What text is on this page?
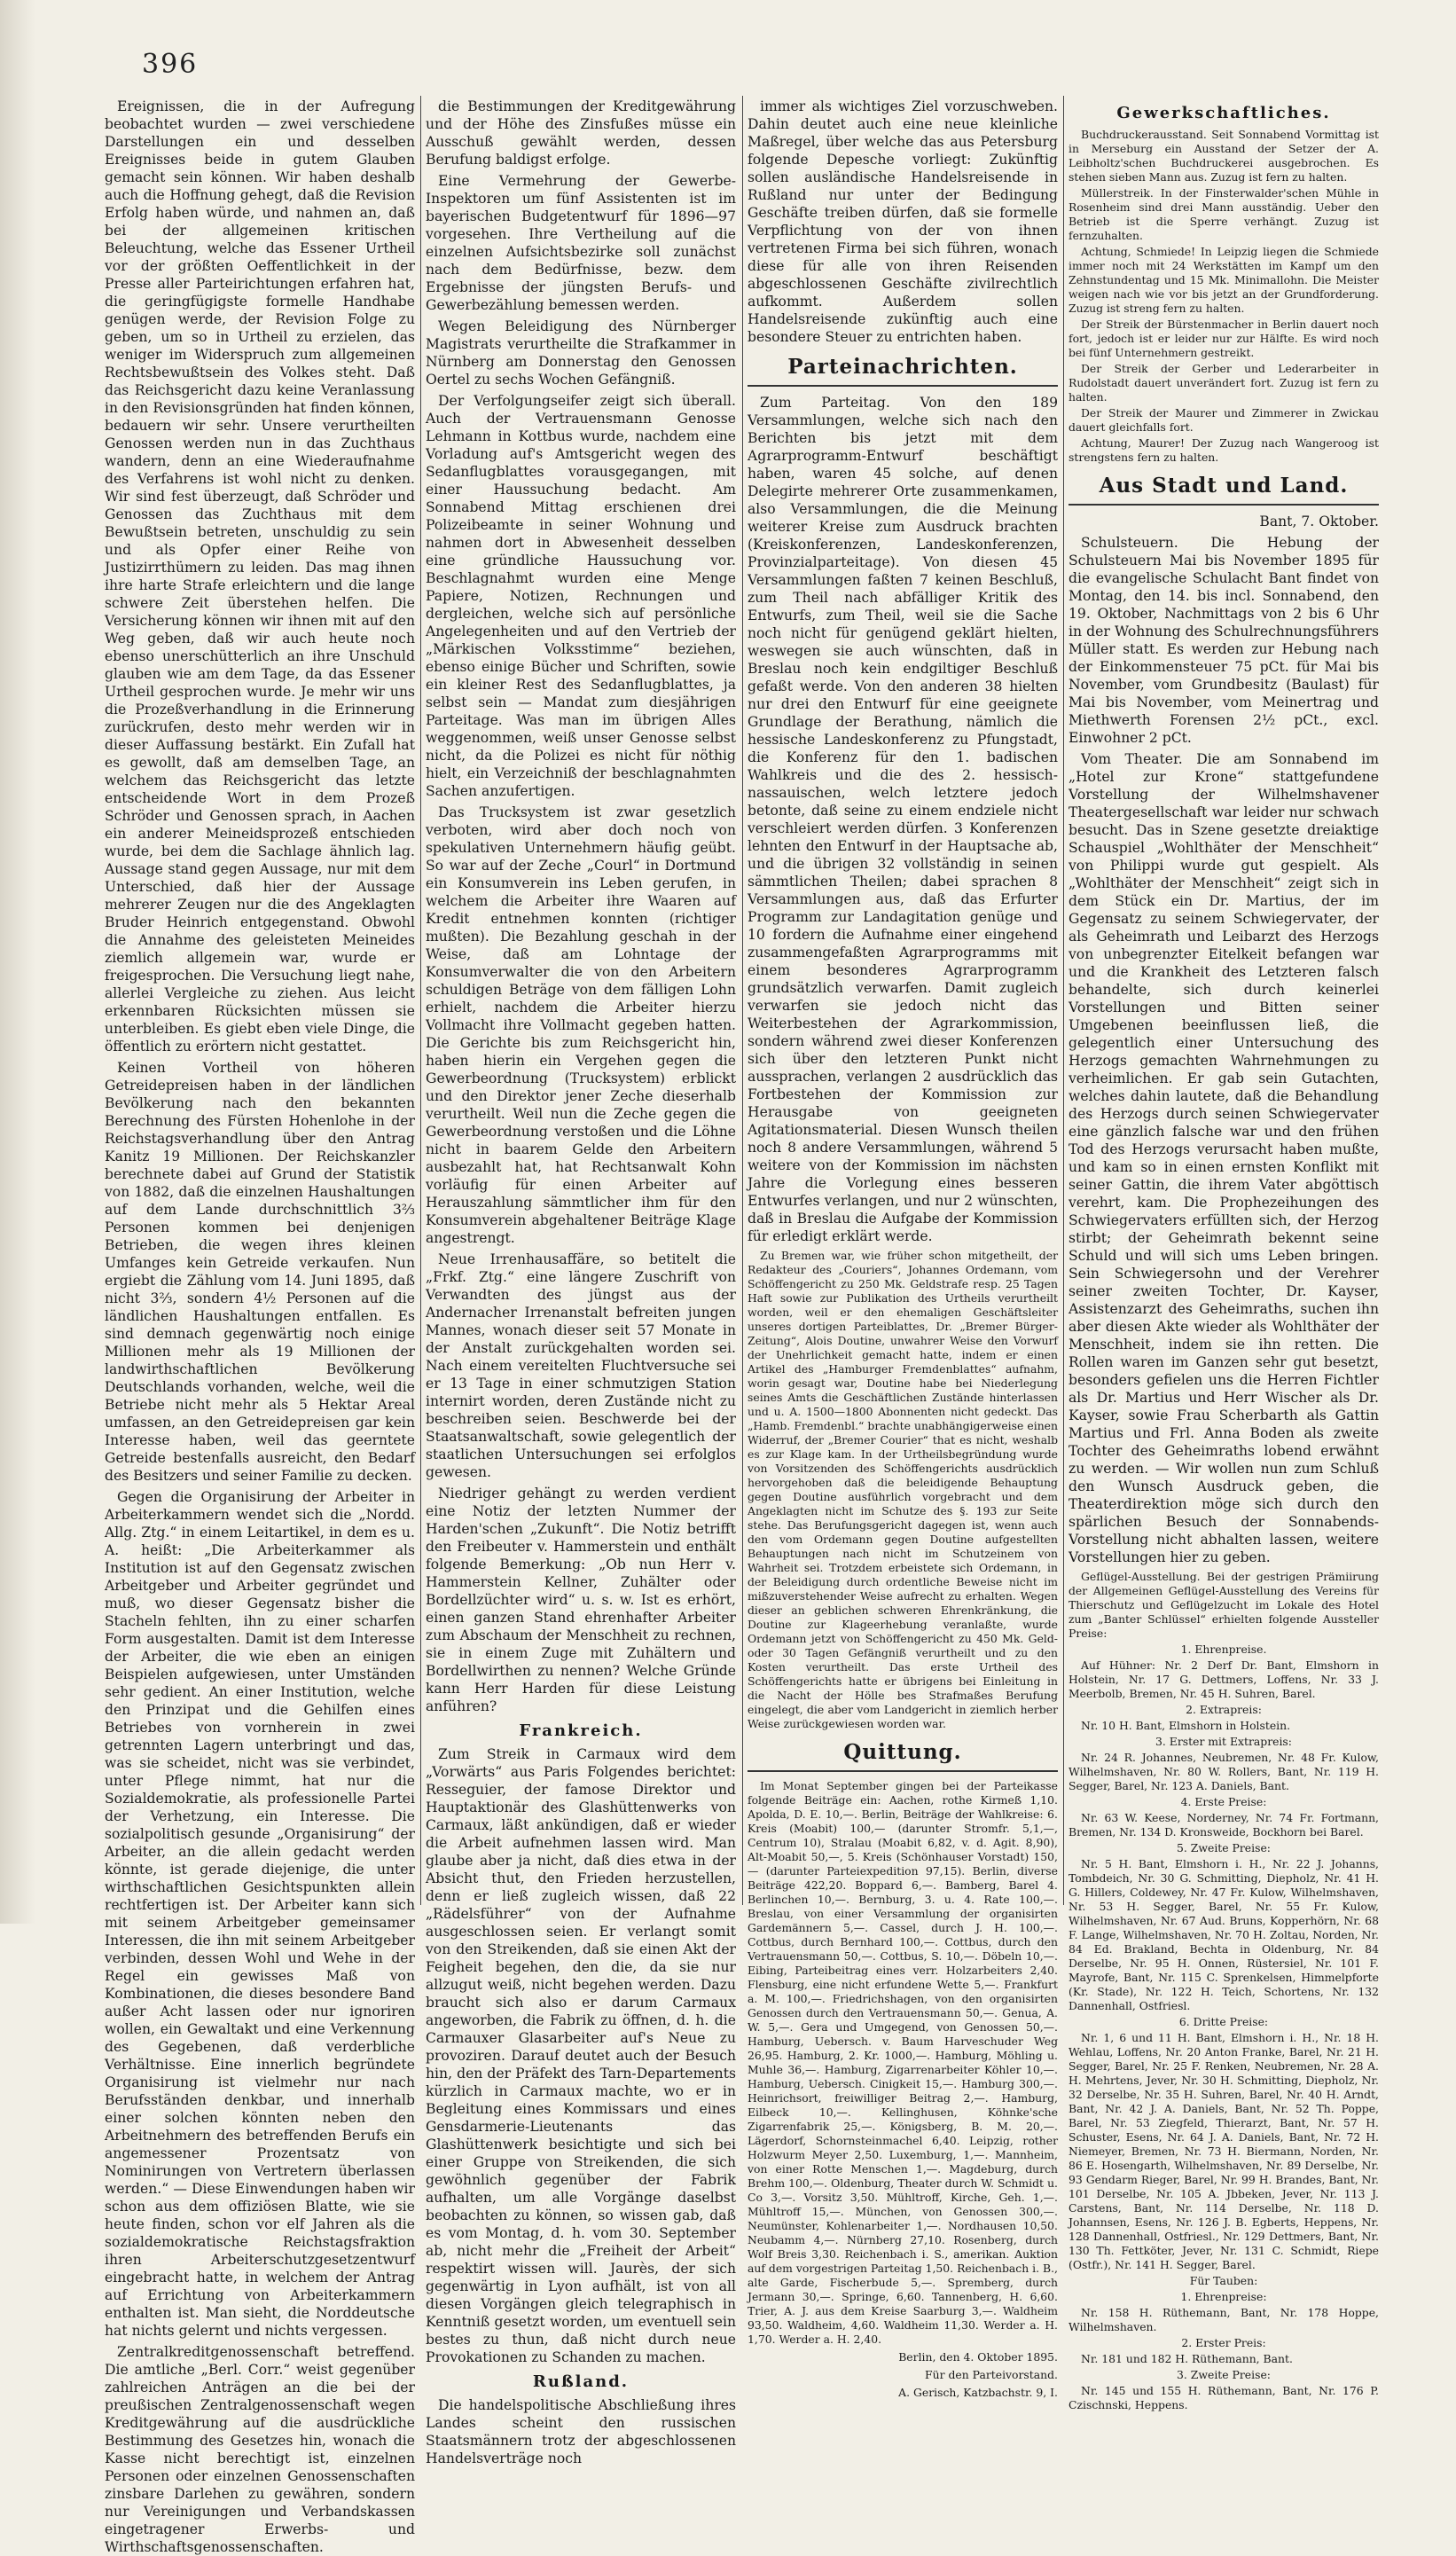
396

Ereignissen, die in der Aufregung beobachtet wurden — zwei verschiedene Darstellungen ein und desselben Ereignisses beide in gutem Glauben gemacht sein können. Wir haben deshalb auch die Hoffnung gehegt, daß die Revision Erfolg haben würde, und nahmen an, daß bei der allgemeinen kritischen Beleuchtung, welche das Essener Urtheil vor der größten Oeffentlichkeit in der Presse aller Parteirichtungen erfahren hat, die geringfügigste formelle Handhabe genügen werde, der Revision Folge zu geben, um so in Urtheil zu erzielen, das weniger im Widerspruch zum allgemeinen Rechtsbewußtsein des Volkes steht. Daß das Reichsgericht dazu keine Veranlassung in den Revisionsgründen hat finden können, bedauern wir sehr. Unsere verurtheilten Genossen werden nun in das Zuchthaus wandern, denn an eine Wiederaufnahme des Verfahrens ist wohl nicht zu denken. Wir sind fest überzeugt, daß Schröder und Genossen das Zuchthaus mit dem Bewußtsein betreten, unschuldig zu sein und als Opfer einer Reihe von Justizirrthümern zu leiden. Das mag ihnen ihre harte Strafe erleichtern und die lange schwere Zeit überstehen helfen. Die Versicherung können wir ihnen mit auf den Weg geben, daß wir auch heute noch ebenso unerschütterlich an ihre Unschuld glauben wie am dem Tage, da das Essener Urtheil gesprochen wurde. Je mehr wir uns die Prozeßverhandlung in die Erinnerung zurückrufen, desto mehr werden wir in dieser Auffassung bestärkt. Ein Zufall hat es gewollt, daß am demselben Tage, an welchem das Reichsgericht das letzte entscheidende Wort in dem Prozeß Schröder und Genossen sprach, in Aachen ein anderer Meineidsprozeß entschieden wurde, bei dem die Sachlage ähnlich lag. Aussage stand gegen Aussage, nur mit dem Unterschied, daß hier der Aussage mehrerer Zeugen nur die des Angeklagten Bruder Heinrich entgegenstand. Obwohl die Annahme des geleisteten Meineides ziemlich allgemein war, wurde er freigesprochen. Die Versuchung liegt nahe, allerlei Vergleiche zu ziehen. Aus leicht erkennbaren Rücksichten müssen sie unterbleiben. Es giebt eben viele Dinge, die öffentlich zu erörtern nicht gestattet.

Keinen Vortheil von höheren Getreidepreisen haben in der ländlichen Bevölkerung nach den bekannten Berechnung des Fürsten Hohenlohe in der Reichstagsverhandlung über den Antrag Kanitz 19 Millionen. Der Reichskanzler berechnete dabei auf Grund der Statistik von 1882, daß die einzelnen Haushaltungen auf dem Lande durchschnittlich 3⅔ Personen kommen bei denjenigen Betrieben, die wegen ihres kleinen Umfanges kein Getreide verkaufen. Nun ergiebt die Zählung vom 14. Juni 1895, daß nicht 3⅔, sondern 4½ Personen auf die ländlichen Haushaltungen entfallen. Es sind demnach gegenwärtig noch einige Millionen mehr als 19 Millionen der landwirthschaftlichen Bevölkerung Deutschlands vorhanden, welche, weil die Betriebe nicht mehr als 5 Hektar Areal umfassen, an den Getreidepreisen gar kein Interesse haben, weil das geerntete Getreide bestenfalls ausreicht, den Bedarf des Besitzers und seiner Familie zu decken.

Gegen die Organisirung der Arbeiter in Arbeiterkammern wendet sich die „Nordd. Allg. Ztg.“ in einem Leitartikel, in dem es u. A. heißt: „Die Arbeiterkammer als Institution ist auf den Gegensatz zwischen Arbeitgeber und Arbeiter gegründet und muß, wo dieser Gegensatz bisher die Stacheln fehlten, ihn zu einer scharfen Form ausgestalten. Damit ist dem Interesse der Arbeiter, die wie eben an einigen Beispielen aufgewiesen, unter Umständen sehr gedient. An einer Institution, welche den Prinzipat und die Gehilfen eines Betriebes von vornherein in zwei getrennten Lagern unterbringt und das, was sie scheidet, nicht was sie verbindet, unter Pflege nimmt, hat nur die Sozialdemokratie, als professionelle Partei der Verhetzung, ein Interesse. Die sozialpolitisch gesunde „Organisirung“ der Arbeiter, an die allein gedacht werden könnte, ist gerade diejenige, die unter wirthschaftlichen Gesichtspunkten allein rechtfertigen ist. Der Arbeiter kann sich mit seinem Arbeitgeber gemeinsamer Interessen, die ihn mit seinem Arbeitgeber verbinden, dessen Wohl und Wehe in der Regel ein gewisses Maß von Kombinationen, die dieses besondere Band außer Acht lassen oder nur ignoriren wollen, ein Gewaltakt und eine Verkennung des Gegebenen, daß verderbliche Verhältnisse. Eine innerlich begründete Organisirung ist vielmehr nur nach Berufsständen denkbar, und innerhalb einer solchen könnten neben den Arbeitnehmern des betreffenden Berufs ein angemessener Prozentsatz von Nominirungen von Vertretern überlassen werden.“ — Diese Einwendungen haben wir schon aus dem offiziösen Blatte, wie sie heute finden, schon vor elf Jahren als die sozialdemokratische Reichstagsfraktion ihren Arbeiterschutzgesetzentwurf eingebracht hatte, in welchem der Antrag auf Errichtung von Arbeiterkammern enthalten ist. Man sieht, die Norddeutsche hat nichts gelernt und nichts vergessen.

Zentralkreditgenossenschaft betreffend. Die amtliche „Berl. Corr.“ weist gegenüber zahlreichen Anträgen an die bei der preußischen Zentralgenossenschaft wegen Kreditgewährung auf die ausdrückliche Bestimmung des Gesetzes hin, wonach die Kasse nicht berechtigt ist, einzelnen Personen oder einzelnen Genossenschaften zinsbare Darlehen zu gewähren, sondern nur Vereinigungen und Verbandskassen eingetragener Erwerbs- und Wirthschaftsgenossenschaften.

die Bestimmungen der Kreditgewährung und der Höhe des Zinsfußes müsse ein Ausschuß gewählt werden, dessen Berufung baldigst erfolge.

Eine Vermehrung der Gewerbe-Inspektoren um fünf Assistenten ist im bayerischen Budgetentwurf für 1896—97 vorgesehen. Ihre Vertheilung auf die einzelnen Aufsichtsbezirke soll zunächst nach dem Bedürfnisse, bezw. dem Ergebnisse der jüngsten Berufs- und Gewerbezählung bemessen werden.

Wegen Beleidigung des Nürnberger Magistrats verurtheilte die Strafkammer in Nürnberg am Donnerstag den Genossen Oertel zu sechs Wochen Gefängniß.

Der Verfolgungseifer zeigt sich überall. Auch der Vertrauensmann Genosse Lehmann in Kottbus wurde, nachdem eine Vorladung auf's Amtsgericht wegen des Sedanflugblattes vorausgegangen, mit einer Haussuchung bedacht. Am Sonnabend Mittag erschienen drei Polizeibeamte in seiner Wohnung und nahmen dort in Abwesenheit desselben eine gründliche Haussuchung vor. Beschlagnahmt wurden eine Menge Papiere, Notizen, Rechnungen und dergleichen, welche sich auf persönliche Angelegenheiten und auf den Vertrieb der „Märkischen Volksstimme“ beziehen, ebenso einige Bücher und Schriften, sowie ein kleiner Rest des Sedanflugblattes, ja selbst sein — Mandat zum diesjährigen Parteitage. Was man im übrigen Alles weggenommen, weiß unser Genosse selbst nicht, da die Polizei es nicht für nöthig hielt, ein Verzeichniß der beschlagnahmten Sachen anzufertigen.

Das Trucksystem ist zwar gesetzlich verboten, wird aber doch noch von spekulativen Unternehmern häufig geübt. So war auf der Zeche „Courl“ in Dortmund ein Konsumverein ins Leben gerufen, in welchem die Arbeiter ihre Waaren auf Kredit entnehmen konnten (richtiger mußten). Die Bezahlung geschah in der Weise, daß am Lohntage der Konsumverwalter die von den Arbeitern schuldigen Beträge von dem fälligen Lohn erhielt, nachdem die Arbeiter hierzu Vollmacht ihre Vollmacht gegeben hatten. Die Gerichte bis zum Reichsgericht hin, haben hierin ein Vergehen gegen die Gewerbeordnung (Trucksystem) erblickt und den Direktor jener Zeche dieserhalb verurtheilt. Weil nun die Zeche gegen die Gewerbeordnung verstoßen und die Löhne nicht in baarem Gelde den Arbeitern ausbezahlt hat, hat Rechtsanwalt Kohn vorläufig für einen Arbeiter auf Herauszahlung sämmtlicher ihm für den Konsumverein abgehaltener Beiträge Klage angestrengt.

Neue Irrenhausaffäre, so betitelt die „Frkf. Ztg.“ eine längere Zuschrift von Verwandten des jüngst aus der Andernacher Irrenanstalt befreiten jungen Mannes, wonach dieser seit 57 Monate in der Anstalt zurückgehalten worden sei. Nach einem vereitelten Fluchtversuche sei er 13 Tage in einer schmutzigen Station internirt worden, deren Zustände nicht zu beschreiben seien. Beschwerde bei der Staatsanwaltschaft, sowie gelegentlich der staatlichen Untersuchungen sei erfolglos gewesen.

Niedriger gehängt zu werden verdient eine Notiz der letzten Nummer der Harden'schen „Zukunft“. Die Notiz betrifft den Freibeuter v. Hammerstein und enthält folgende Bemerkung: „Ob nun Herr v. Hammerstein Kellner, Zuhälter oder Bordellzüchter wird“ u. s. w. Ist es erhört, einen ganzen Stand ehrenhafter Arbeiter zum Abschaum der Menschheit zu rechnen, sie in einem Zuge mit Zuhältern und Bordellwirthen zu nennen? Welche Gründe kann Herr Harden für diese Leistung anführen?

Frankreich.

Zum Streik in Carmaux wird dem „Vorwärts“ aus Paris Folgendes berichtet: Resseguier, der famose Direktor und Hauptaktionär des Glashüttenwerks von Carmaux, läßt ankündigen, daß er wieder die Arbeit aufnehmen lassen wird. Man glaube aber ja nicht, daß dies etwa in der Absicht thut, den Frieden herzustellen, denn er ließ zugleich wissen, daß 22 „Rädelsführer“ von der Aufnahme ausgeschlossen seien. Er verlangt somit von den Streikenden, daß sie einen Akt der Feigheit begehen, den die, da sie nur allzugut weiß, nicht begehen werden. Dazu braucht sich also er darum Carmaux angeworben, die Fabrik zu öffnen, d. h. die Carmauxer Glasarbeiter auf's Neue zu provoziren. Darauf deutet auch der Besuch hin, den der Präfekt des Tarn-Departements kürzlich in Carmaux machte, wo er in Begleitung eines Kommissars und eines Gensdarmerie-Lieutenants das Glashüttenwerk besichtigte und sich bei einer Gruppe von Streikenden, die sich gewöhnlich gegenüber der Fabrik aufhalten, um alle Vorgänge daselbst beobachten zu können, so wissen gab, daß es vom Montag, d. h. vom 30. September ab, nicht mehr die „Freiheit der Arbeit“ respektirt wissen will. Jaurès, der sich gegenwärtig in Lyon aufhält, ist von all diesen Vorgängen gleich telegraphisch in Kenntniß gesetzt worden, um eventuell sein bestes zu thun, daß nicht durch neue Provokationen zu Schanden zu machen.

Rußland.

Die handelspolitische Abschließung ihres Landes scheint den russischen Staatsmännern trotz der abgeschlossenen Handelsverträge noch

immer als wichtiges Ziel vorzuschweben. Dahin deutet auch eine neue kleinliche Maßregel, über welche das aus Petersburg folgende Depesche vorliegt: Zukünftig sollen ausländische Handelsreisende in Rußland nur unter der Bedingung Geschäfte treiben dürfen, daß sie formelle Verpflichtung von der von ihnen vertretenen Firma bei sich führen, wonach diese für alle von ihren Reisenden abgeschlossenen Geschäfte zivilrechtlich aufkommt. Außerdem sollen Handelsreisende zukünftig auch eine besondere Steuer zu entrichten haben.

Parteinachrichten.

Zum Parteitag. Von den 189 Versammlungen, welche sich nach den Berichten bis jetzt mit dem Agrarprogramm-Entwurf beschäftigt haben, waren 45 solche, auf denen Delegirte mehrerer Orte zusammenkamen, also Versammlungen, die die Meinung weiterer Kreise zum Ausdruck brachten (Kreiskonferenzen, Landeskonferenzen, Provinzialparteitage). Von diesen 45 Versammlungen faßten 7 keinen Beschluß, zum Theil nach abfälliger Kritik des Entwurfs, zum Theil, weil sie die Sache noch nicht für genügend geklärt hielten, weswegen sie auch wünschten, daß in Breslau noch kein endgiltiger Beschluß gefaßt werde. Von den anderen 38 hielten nur drei den Entwurf für eine geeignete Grundlage der Berathung, nämlich die hessische Landeskonferenz zu Pfungstadt, die Konferenz für den 1. badischen Wahlkreis und die des 2. hessisch-nassauischen, welch letztere jedoch betonte, daß seine zu einem endziele nicht verschleiert werden dürfen. 3 Konferenzen lehnten den Entwurf in der Hauptsache ab, und die übrigen 32 vollständig in seinen sämmtlichen Theilen; dabei sprachen 8 Versammlungen aus, daß das Erfurter Programm zur Landagitation genüge und 10 fordern die Aufnahme einer eingehend zusammengefaßten Agrarprogramms mit einem besonderes Agrarprogramm grundsätzlich verwarfen. Damit zugleich verwarfen sie jedoch nicht das Weiterbestehen der Agrarkommission, sondern während zwei dieser Konferenzen sich über den letzteren Punkt nicht aussprachen, verlangen 2 ausdrücklich das Fortbestehen der Kommission zur Herausgabe von geeigneten Agitationsmaterial. Diesen Wunsch theilen noch 8 andere Versammlungen, während 5 weitere von der Kommission im nächsten Jahre die Vorlegung eines besseren Entwurfes verlangen, und nur 2 wünschten, daß in Breslau die Aufgabe der Kommission für erledigt erklärt werde.

Zu Bremen war, wie früher schon mitgetheilt, der Redakteur des „Couriers“, Johannes Ordemann, vom Schöffengericht zu 250 Mk. Geldstrafe resp. 25 Tagen Haft sowie zur Publikation des Urtheils verurtheilt worden, weil er den ehemaligen Geschäftsleiter unseres dortigen Parteiblattes, Dr. „Bremer Bürger-Zeitung“, Alois Doutine, unwahrer Weise den Vorwurf der Unehrlichkeit gemacht hatte, indem er einen Artikel des „Hamburger Fremdenblattes“ aufnahm, worin gesagt war, Doutine habe bei Niederlegung seines Amts die Geschäftlichen Zustände hinterlassen und u. A. 1500—1800 Abonnenten nicht gedeckt. Das „Hamb. Fremdenbl.“ brachte unabhängigerweise einen Widerruf, der „Bremer Courier“ that es nicht, weshalb es zur Klage kam. In der Urtheilsbegründung wurde von Vorsitzenden des Schöffengerichts ausdrücklich hervorgehoben daß die beleidigende Behauptung gegen Doutine ausführlich vorgebracht und dem Angeklagten nicht im Schutze des §. 193 zur Seite stehe. Das Berufungsgericht dagegen ist, wenn auch den vom Ordemann gegen Doutine aufgestellten Behauptungen nach nicht im Schutzeinem von Wahrheit sei. Trotzdem erbeistete sich Ordemann, in der Beleidigung durch ordentliche Beweise nicht im mißzuverstehender Weise aufrecht zu erhalten. Wegen dieser an geblichen schweren Ehrenkränkung, die Doutine zur Klageerhebung veranlaßte, wurde Ordemann jetzt von Schöffengericht zu 450 Mk. Geld- oder 30 Tagen Gefängniß verurtheilt und zu den Kosten verurtheilt. Das erste Urtheil des Schöffengerichts hatte er übrigens bei Einleitung in die Nacht der Hölle bes Strafmaßes Berufung eingelegt, die aber vom Landgericht in ziemlich herber Weise zurückgewiesen worden war.

Quittung.

Im Monat September gingen bei der Parteikasse folgende Beiträge ein: Aachen, rothe Kirmeß 1,10. Apolda, D. E. 10,—. Berlin, Beiträge der Wahlkreise: 6. Kreis (Moabit) 100,— (darunter Stromfr. 5,1,—, Centrum 10), Stralau (Moabit 6,82, v. d. Agit. 8,90), Alt-Moabit 50,—, 5. Kreis (Schönhauser Vorstadt) 150,— (darunter Parteiexpedition 97,15). Berlin, diverse Beiträge 422,20. Boppard 6,—. Bamberg, Barel 4. Berlinchen 10,—. Bernburg, 3. u. 4. Rate 100,—. Breslau, von einer Versammlung der organisirten Gardemännern 5,—. Cassel, durch J. H. 100,—. Cottbus, durch Bernhard 100,—. Cottbus, durch den Vertrauensmann 50,—. Cottbus, S. 10,—. Döbeln 10,—. Eibing, Parteibeitrag eines verr. Holzarbeiters 2,40. Flensburg, eine nicht erfundene Wette 5,—. Frankfurt a. M. 100,—. Friedrichshagen, von den organisirten Genossen durch den Vertrauensmann 50,—. Genua, A. W. 5,—. Gera und Umgegend, von Genossen 50,—. Hamburg, Uebersch. v. Baum Harveschuder Weg 26,95. Hamburg, 2. Kr. 1000,—. Hamburg, Möhling u. Muhle 36,—. Hamburg, Zigarrenarbeiter Köhler 10,—. Hamburg, Uebersch. Cinigkeit 15,—. Hamburg 300,—. Heinrichsort, freiwilliger Beitrag 2,—. Hamburg, Eilbeck 10,—. Kellinghusen, Köhnke'sche Zigarrenfabrik 25,—. Königsberg, B. M. 20,—. Lägerdorf, Schornsteinmachel 6,40. Leipzig, rother Holzwurm Meyer 2,50. Luxemburg, 1,—. Mannheim, von einer Rotte Menschen 1,—. Magdeburg, durch Brehm 100,—. Oldenburg, Theater durch W. Schmidt u. Co 3,—. Vorsitz 3,50. Mühltroff, Kirche, Geh. 1,—. Mühltroff 15,—. München, von Genossen 300,—. Neumünster, Kohlenarbeiter 1,—. Nordhausen 10,50. Neubamm 4,—. Nürnberg 27,10. Rosenberg, durch Wolf Breis 3,30. Reichenbach i. S., amerikan. Auktion auf dem vorgestrigen Parteitag 1,50. Reichenbach i. B., alte Garde, Fischerbude 5,—. Spremberg, durch Jermann 30,—. Springe, 6,60. Tannenberg, H. 6,60. Trier, A. J. aus dem Kreise Saarburg 3,—. Waldheim 93,50. Waldheim, 4,60. Waldheim 11,30. Werder a. H. 1,70. Werder a. H. 2,40.

Berlin, den 4. Oktober 1895.
Für den Parteivorstand.
A. Gerisch, Katzbachstr. 9, I.
Gewerkschaftliches.

Buchdruckerausstand. Seit Sonnabend Vormittag ist in Merseburg ein Ausstand der Setzer der A. Leibholtz'schen Buchdruckerei ausgebrochen. Es stehen sieben Mann aus. Zuzug ist fern zu halten.

Müllerstreik. In der Finsterwalder'schen Mühle in Rosenheim sind drei Mann ausständig. Ueber den Betrieb ist die Sperre verhängt. Zuzug ist fernzuhalten.

Achtung, Schmiede! In Leipzig liegen die Schmiede immer noch mit 24 Werkstätten im Kampf um den Zehnstundentag und 15 Mk. Minimallohn. Die Meister weigen nach wie vor bis jetzt an der Grundforderung. Zuzug ist streng fern zu halten.

Der Streik der Bürstenmacher in Berlin dauert noch fort, jedoch ist er leider nur zur Hälfte. Es wird noch bei fünf Unternehmern gestreikt.

Der Streik der Gerber und Lederarbeiter in Rudolstadt dauert unverändert fort. Zuzug ist fern zu halten.

Der Streik der Maurer und Zimmerer in Zwickau dauert gleichfalls fort.

Achtung, Maurer! Der Zuzug nach Wangeroog ist strengstens fern zu halten.

Aus Stadt und Land.
Bant, 7. Oktober.

Schulsteuern. Die Hebung der Schulsteuern Mai bis November 1895 für die evangelische Schulacht Bant findet von Montag, den 14. bis incl. Sonnabend, den 19. Oktober, Nachmittags von 2 bis 6 Uhr in der Wohnung des Schulrechnungsführers Müller statt. Es werden zur Hebung nach der Einkommensteuer 75 pCt. für Mai bis November, vom Grundbesitz (Baulast) für Mai bis November, vom Meinertrag und Miethwerth Forensen 2½ pCt., excl. Einwohner 2 pCt.

Vom Theater. Die am Sonnabend im „Hotel zur Krone“ stattgefundene Vorstellung der Wilhelmshavener Theatergesellschaft war leider nur schwach besucht. Das in Szene gesetzte dreiaktige Schauspiel „Wohlthäter der Menschheit“ von Philippi wurde gut gespielt. Als „Wohlthäter der Menschheit“ zeigt sich in dem Stück ein Dr. Martius, der im Gegensatz zu seinem Schwiegervater, der als Geheimrath und Leibarzt des Herzogs von unbegrenzter Eitelkeit befangen war und die Krankheit des Letzteren falsch behandelte, sich durch keinerlei Vorstellungen und Bitten seiner Umgebenen beeinflussen ließ, die gelegentlich einer Untersuchung des Herzogs gemachten Wahrnehmungen zu verheimlichen. Er gab sein Gutachten, welches dahin lautete, daß die Behandlung des Herzogs durch seinen Schwiegervater eine gänzlich falsche war und den frühen Tod des Herzogs verursacht haben mußte, und kam so in einen ernsten Konflikt mit seiner Gattin, die ihrem Vater abgöttisch verehrt, kam. Die Prophezeihungen des Schwiegervaters erfüllten sich, der Herzog stirbt; der Geheimrath bekennt seine Schuld und will sich ums Leben bringen. Sein Schwiegersohn und der Verehrer seiner zweiten Tochter, Dr. Kayser, Assistenzarzt des Geheimraths, suchen ihn aber diesen Akte wieder als Wohlthäter der Menschheit, indem sie ihn retten. Die Rollen waren im Ganzen sehr gut besetzt, besonders gefielen uns die Herren Fichtler als Dr. Martius und Herr Wischer als Dr. Kayser, sowie Frau Scherbarth als Gattin Martius und Frl. Anna Boden als zweite Tochter des Geheimraths lobend erwähnt zu werden. — Wir wollen nun zum Schluß den Wunsch Ausdruck geben, die Theaterdirektion möge sich durch den spärlichen Besuch der Sonnabends-Vorstellung nicht abhalten lassen, weitere Vorstellungen hier zu geben.

Geflügel-Ausstellung. Bei der gestrigen Prämiirung der Allgemeinen Geflügel-Ausstellung des Vereins für Thierschutz und Geflügelzucht im Lokale des Hotel zum „Banter Schlüssel“ erhielten folgende Aussteller Preise:

1. Ehrenpreise.

Auf Hühner: Nr. 2 Derf Dr. Bant, Elmshorn in Holstein, Nr. 17 G. Dettmers, Loffens, Nr. 33 J. Meerbolb, Bremen, Nr. 45 H. Suhren, Barel.

2. Extrapreis:

Nr. 10 H. Bant, Elmshorn in Holstein.

3. Erster mit Extrapreis:

Nr. 24 R. Johannes, Neubremen, Nr. 48 Fr. Kulow, Wilhelmshaven, Nr. 80 W. Rollers, Bant, Nr. 119 H. Segger, Barel, Nr. 123 A. Daniels, Bant.

4. Erste Preise:

Nr. 63 W. Keese, Norderney, Nr. 74 Fr. Fortmann, Bremen, Nr. 134 D. Kronsweide, Bockhorn bei Barel.

5. Zweite Preise:

Nr. 5 H. Bant, Elmshorn i. H., Nr. 22 J. Johanns, Tombdeich, Nr. 30 G. Schmitting, Diepholz, Nr. 41 H. G. Hillers, Coldewey, Nr. 47 Fr. Kulow, Wilhelmshaven, Nr. 53 H. Segger, Barel, Nr. 55 Fr. Kulow, Wilhelmshaven, Nr. 67 Aud. Bruns, Kopperhörn, Nr. 68 F. Lange, Wilhelmshaven, Nr. 70 H. Zoltau, Norden, Nr. 84 Ed. Brakland, Bechta in Oldenburg, Nr. 84 Derselbe, Nr. 95 H. Onnen, Rüstersiel, Nr. 101 F. Mayrofe, Bant, Nr. 115 C. Sprenkelsen, Himmelpforte (Kr. Stade), Nr. 122 H. Teich, Schortens, Nr. 132 Dannenhall, Ostfriesl.

6. Dritte Preise:

Nr. 1, 6 und 11 H. Bant, Elmshorn i. H., Nr. 18 H. Wehlau, Loffens, Nr. 20 Anton Franke, Barel, Nr. 21 H. Segger, Barel, Nr. 25 F. Renken, Neubremen, Nr. 28 A. H. Mehrtens, Jever, Nr. 30 H. Schmitting, Diepholz, Nr. 32 Derselbe, Nr. 35 H. Suhren, Barel, Nr. 40 H. Arndt, Bant, Nr. 42 J. A. Daniels, Bant, Nr. 52 Th. Poppe, Barel, Nr. 53 Ziegfeld, Thierarzt, Bant, Nr. 57 H. Schuster, Esens, Nr. 64 J. A. Daniels, Bant, Nr. 72 H. Niemeyer, Bremen, Nr. 73 H. Biermann, Norden, Nr. 86 E. Hosengarth, Wilhelmshaven, Nr. 89 Derselbe, Nr. 93 Gendarm Rieger, Barel, Nr. 99 H. Brandes, Bant, Nr. 101 Derselbe, Nr. 105 A. Jbbeken, Jever, Nr. 113 J. Carstens, Bant, Nr. 114 Derselbe, Nr. 118 D. Johannsen, Esens, Nr. 126 J. B. Egberts, Heppens, Nr. 128 Dannenhall, Ostfriesl., Nr. 129 Dettmers, Bant, Nr. 130 Th. Fettköter, Jever, Nr. 131 C. Schmidt, Riepe (Ostfr.), Nr. 141 H. Segger, Barel.

Für Tauben:

1. Ehrenpreise:

Nr. 158 H. Rüthemann, Bant, Nr. 178 Hoppe, Wilhelmshaven.

2. Erster Preis:

Nr. 181 und 182 H. Rüthemann, Bant.

3. Zweite Preise:

Nr. 145 und 155 H. Rüthemann, Bant, Nr. 176 P. Czischnski, Heppens.
